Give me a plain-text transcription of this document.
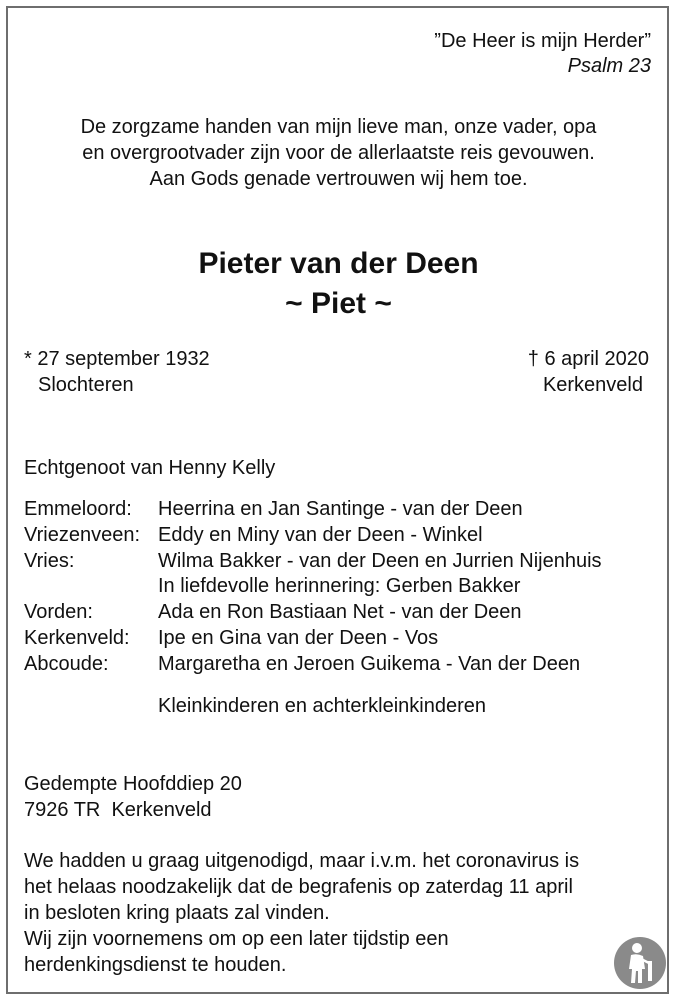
”De Heer is mijn Herder”
Psalm 23
De zorgzame handen van mijn lieve man, onze vader, opa
en overgrootvader zijn voor de allerlaatste reis gevouwen.
Aan Gods genade vertrouwen wij hem toe.
Pieter van der Deen
~ Piet ~
* 27 september 1932
Slochteren
† 6 april 2020
Kerkenveld
Echtgenoot van Henny Kelly
Emmeloord:	Heerrina en Jan Santinge - van der Deen
Vriezenveen: Eddy en Miny van der Deen - Winkel
Vries:	Wilma Bakker - van der Deen en Jurrien Nijenhuis
In liefdevolle herinnering: Gerben Bakker
Vorden:	Ada en Ron Bastiaan Net - van der Deen
Kerkenveld:	Ipe en Gina van der Deen - Vos
Abcoude:	Margaretha en Jeroen Guikema - Van der Deen
Kleinkinderen en achterkleinkinderen
Gedempte Hoofddiep 20
7926 TR  Kerkenveld
We hadden u graag uitgenodigd, maar i.v.m. het coronavirus is
het helaas noodzakelijk dat de begrafenis op zaterdag 11 april
in besloten kring plaats zal vinden.
Wij zijn voornemens om op een later tijdstip een
herdenkingsdienst te houden.
